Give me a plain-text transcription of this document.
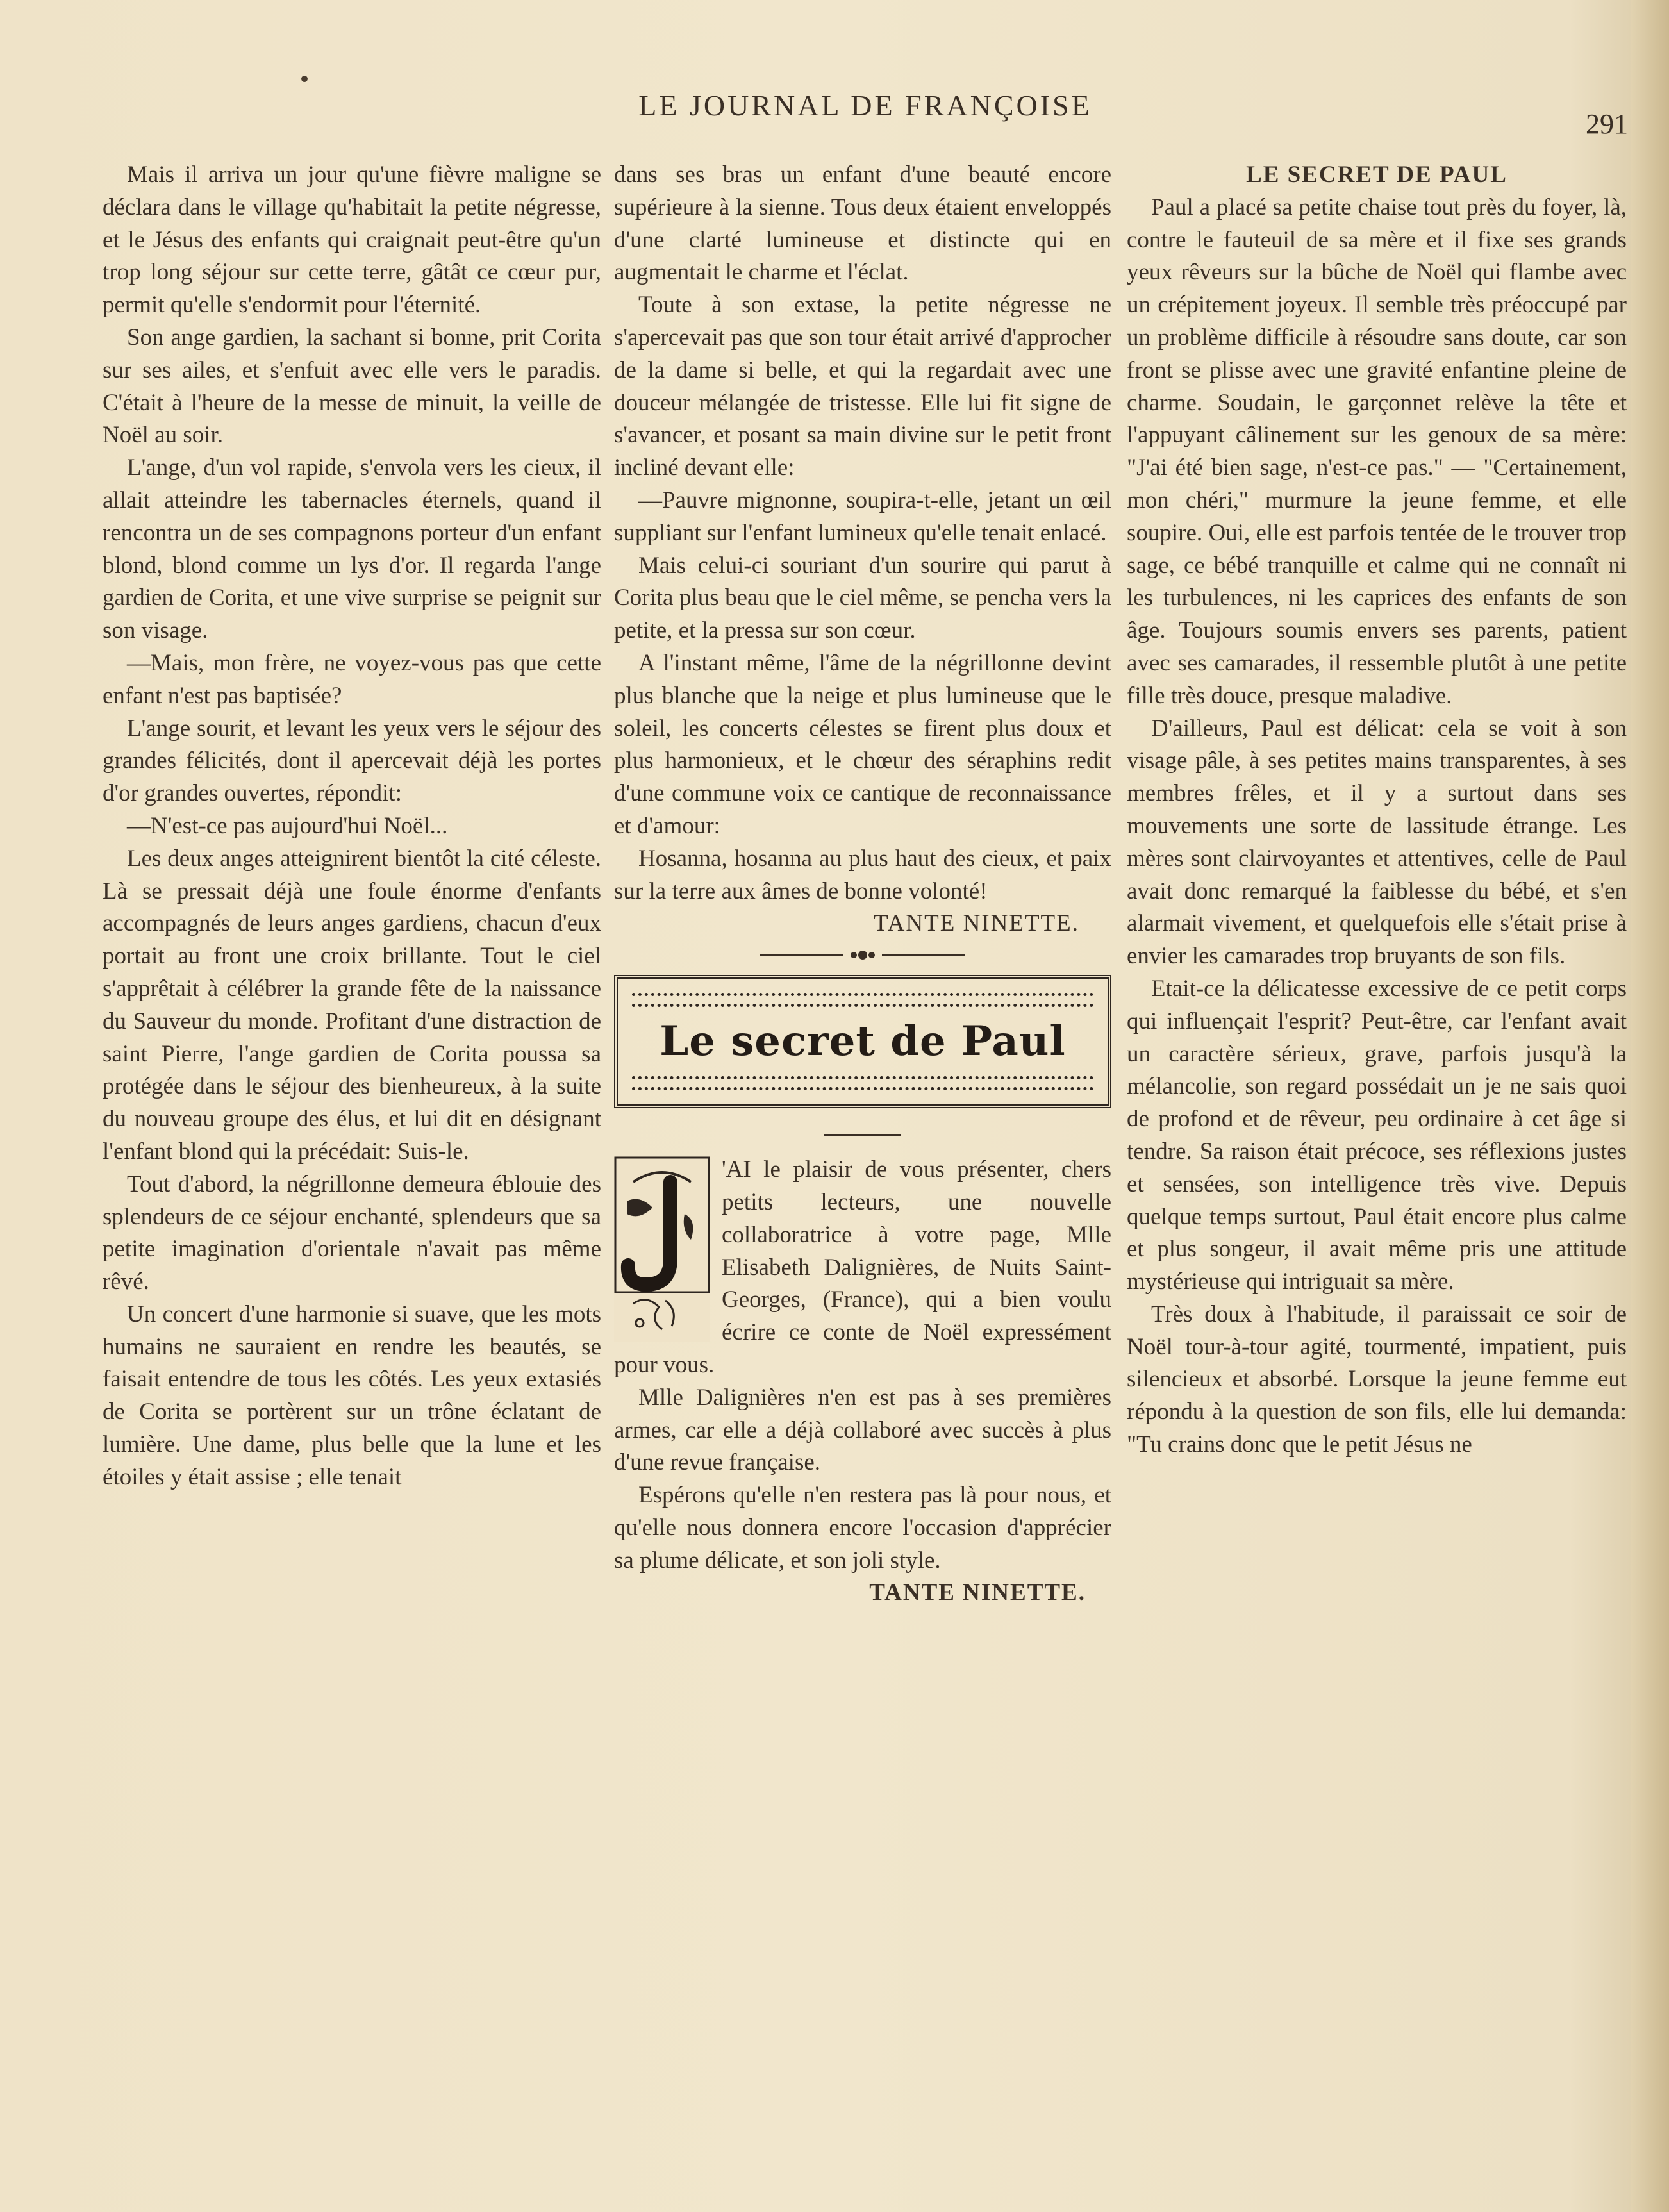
LE JOURNAL DE FRANÇOISE
291

Mais il arriva un jour qu'une fièvre maligne se déclara dans le village qu'habitait la petite négresse, et le Jésus des enfants qui craignait peut-être qu'un trop long séjour sur cette terre, gâtât ce cœur pur, permit qu'elle s'endormit pour l'éternité.

Son ange gardien, la sachant si bonne, prit Corita sur ses ailes, et s'enfuit avec elle vers le paradis. C'était à l'heure de la messe de minuit, la veille de Noël au soir.

L'ange, d'un vol rapide, s'envola vers les cieux, il allait atteindre les tabernacles éternels, quand il rencontra un de ses compagnons porteur d'un enfant blond, blond comme un lys d'or. Il regarda l'ange gardien de Corita, et une vive surprise se peignit sur son visage.

—Mais, mon frère, ne voyez-vous pas que cette enfant n'est pas baptisée?

L'ange sourit, et levant les yeux vers le séjour des grandes félicités, dont il apercevait déjà les portes d'or grandes ouvertes, répondit:

—N'est-ce pas aujourd'hui Noël...

Les deux anges atteignirent bientôt la cité céleste. Là se pressait déjà une foule énorme d'enfants accompagnés de leurs anges gardiens, chacun d'eux portait au front une croix brillante. Tout le ciel s'apprêtait à célébrer la grande fête de la naissance du Sauveur du monde. Profitant d'une distraction de saint Pierre, l'ange gardien de Corita poussa sa protégée dans le séjour des bienheureux, à la suite du nouveau groupe des élus, et lui dit en désignant l'enfant blond qui la précédait: Suis-le.

Tout d'abord, la négrillonne demeura éblouie des splendeurs de ce séjour enchanté, splendeurs que sa petite imagination d'orientale n'avait pas même rêvé.

Un concert d'une harmonie si suave, que les mots humains ne sauraient en rendre les beautés, se faisait entendre de tous les côtés. Les yeux extasiés de Corita se portèrent sur un trône éclatant de lumière. Une dame, plus belle que la lune et les étoiles y était assise ; elle tenait

dans ses bras un enfant d'une beauté encore supérieure à la sienne. Tous deux étaient enveloppés d'une clarté lumineuse et distincte qui en augmentait le charme et l'éclat.

Toute à son extase, la petite négresse ne s'apercevait pas que son tour était arrivé d'approcher de la dame si belle, et qui la regardait avec une douceur mélangée de tristesse. Elle lui fit signe de s'avancer, et posant sa main divine sur le petit front incliné devant elle:

—Pauvre mignonne, soupira-t-elle, jetant un œil suppliant sur l'enfant lumineux qu'elle tenait enlacé.

Mais celui-ci souriant d'un sourire qui parut à Corita plus beau que le ciel même, se pencha vers la petite, et la pressa sur son cœur.

A l'instant même, l'âme de la négrillonne devint plus blanche que la neige et plus lumineuse que le soleil, les concerts célestes se firent plus doux et plus harmonieux, et le chœur des séraphins redit d'une commune voix ce cantique de reconnaissance et d'amour:

Hosanna, hosanna au plus haut des cieux, et paix sur la terre aux âmes de bonne volonté!

TANTE NINETTE.

Le secret de Paul

'AI le plaisir de vous présenter, chers petits lecteurs, une nouvelle collaboratrice à votre page, Mlle Elisabeth Dalignières, de Nuits Saint-Georges, (France), qui a bien voulu écrire ce conte de Noël expressément pour vous.

Mlle Dalignières n'en est pas à ses premières armes, car elle a déjà collaboré avec succès à plus d'une revue française.

Espérons qu'elle n'en restera pas là pour nous, et qu'elle nous donnera encore l'occasion d'apprécier sa plume délicate, et son joli style.

TANTE NINETTE.

LE SECRET DE PAUL

Paul a placé sa petite chaise tout près du foyer, là, contre le fauteuil de sa mère et il fixe ses grands yeux rêveurs sur la bûche de Noël qui flambe avec un crépitement joyeux. Il semble très préoccupé par un problème difficile à résoudre sans doute, car son front se plisse avec une gravité enfantine pleine de charme. Soudain, le garçonnet relève la tête et l'appuyant câlinement sur les genoux de sa mère: "J'ai été bien sage, n'est-ce pas." — "Certainement, mon chéri," murmure la jeune femme, et elle soupire. Oui, elle est parfois tentée de le trouver trop sage, ce bébé tranquille et calme qui ne connaît ni les turbulences, ni les caprices des enfants de son âge. Toujours soumis envers ses parents, patient avec ses camarades, il ressemble plutôt à une petite fille très douce, presque maladive.

D'ailleurs, Paul est délicat: cela se voit à son visage pâle, à ses petites mains transparentes, à ses membres frêles, et il y a surtout dans ses mouvements une sorte de lassitude étrange. Les mères sont clairvoyantes et attentives, celle de Paul avait donc remarqué la faiblesse du bébé, et s'en alarmait vivement, et quelquefois elle s'était prise à envier les camarades trop bruyants de son fils.

Etait-ce la délicatesse excessive de ce petit corps qui influençait l'esprit? Peut-être, car l'enfant avait un caractère sérieux, grave, parfois jusqu'à la mélancolie, son regard possédait un je ne sais quoi de profond et de rêveur, peu ordinaire à cet âge si tendre. Sa raison était précoce, ses réflexions justes et sensées, son intelligence très vive. Depuis quelque temps surtout, Paul était encore plus calme et plus songeur, il avait même pris une attitude mystérieuse qui intriguait sa mère.

Très doux à l'habitude, il paraissait ce soir de Noël tour-à-tour agité, tourmenté, impatient, puis silencieux et absorbé. Lorsque la jeune femme eut répondu à la question de son fils, elle lui demanda: "Tu crains donc que le petit Jésus ne
